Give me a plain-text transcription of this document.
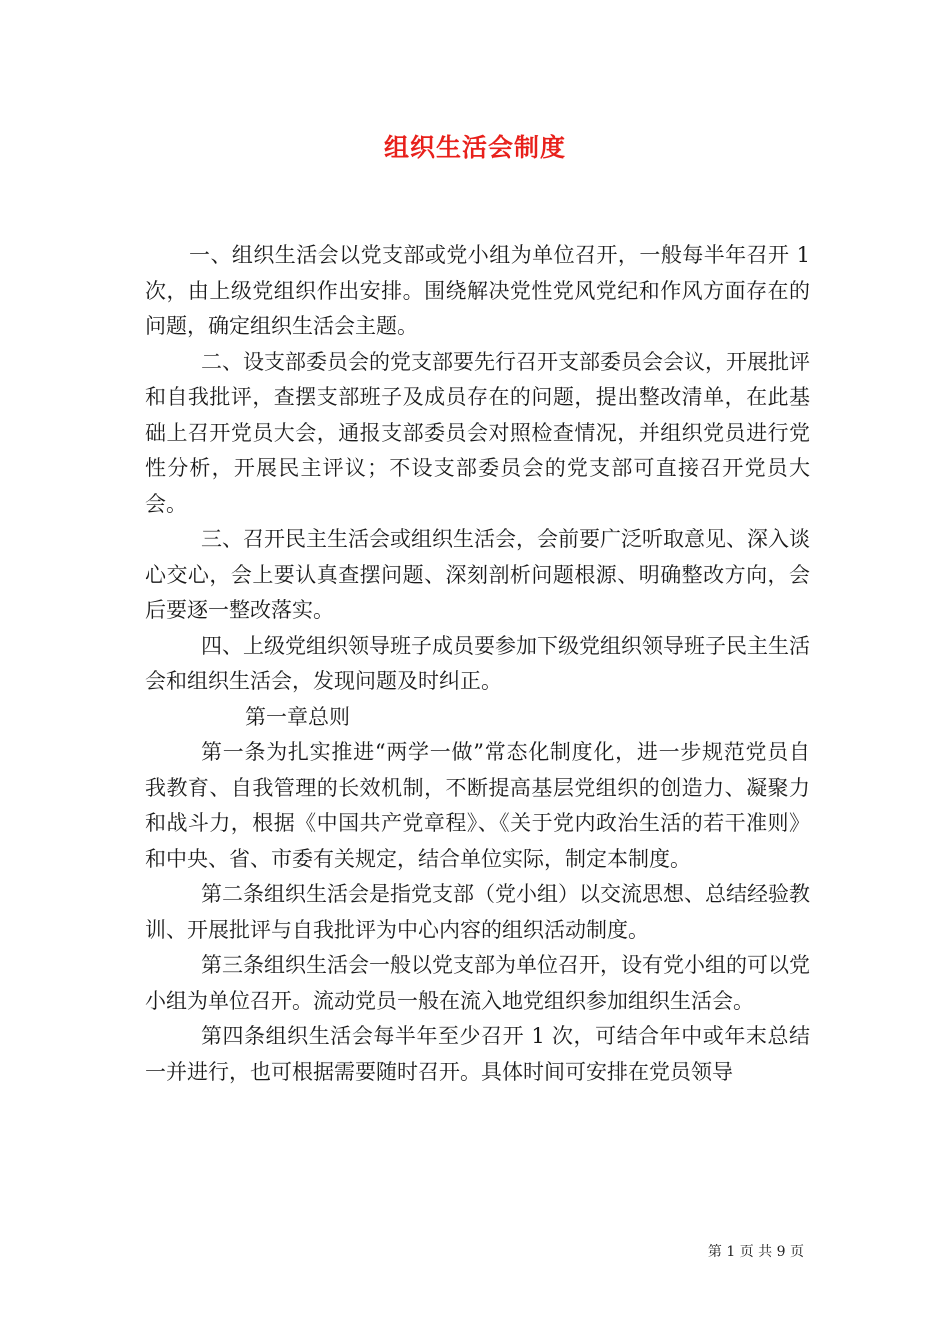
组织生活会制度

一、组织生活会以党支部或党小组为单位召开，一般每半年召开 1 次，由上级党组织作出安排。围绕解决党性党风党纪和作风方面存在的问题，确定组织生活会主题。

二、设支部委员会的党支部要先行召开支部委员会会议，开展批评和自我批评，查摆支部班子及成员存在的问题，提出整改清单，在此基础上召开党员大会，通报支部委员会对照检查情况，并组织党员进行党性分析，开展民主评议；不设支部委员会的党支部可直接召开党员大会。

三、召开民主生活会或组织生活会，会前要广泛听取意见、深入谈心交心，会上要认真查摆问题、深刻剖析问题根源、明确整改方向，会后要逐一整改落实。

四、上级党组织领导班子成员要参加下级党组织领导班子民主生活会和组织生活会，发现问题及时纠正。

第一章总则

第一条为扎实推进“两学一做”常态化制度化，进一步规范党员自我教育、自我管理的长效机制，不断提高基层党组织的创造力、凝聚力和战斗力，根据《中国共产党章程》、《关于党内政治生活的若干准则》和中央、省、市委有关规定，结合单位实际，制定本制度。

第二条组织生活会是指党支部（党小组）以交流思想、总结经验教训、开展批评与自我批评为中心内容的组织活动制度。

第三条组织生活会一般以党支部为单位召开，设有党小组的可以党小组为单位召开。流动党员一般在流入地党组织参加组织生活会。

第四条组织生活会每半年至少召开 1 次，可结合年中或年末总结一并进行，也可根据需要随时召开。具体时间可安排在党员领导

第 1 页 共 9 页
